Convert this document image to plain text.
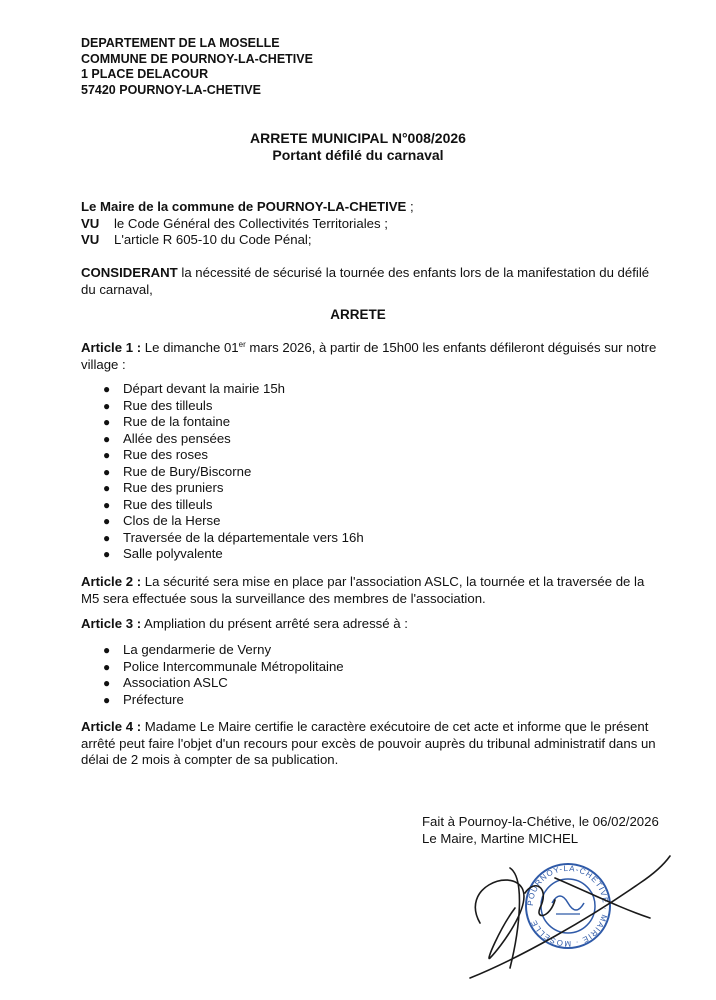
DEPARTEMENT DE LA MOSELLE
COMMUNE DE POURNOY-LA-CHETIVE
1 PLACE DELACOUR
57420 POURNOY-LA-CHETIVE
ARRETE MUNICIPAL N°008/2026
Portant défilé du carnaval
Le Maire de la commune de POURNOY-LA-CHETIVE ;
VU	le Code Général des Collectivités Territoriales ;
VU	L'article R 605-10 du Code Pénal;
CONSIDERANT la nécessité de sécurisé la tournée des enfants lors de la manifestation du défilé du carnaval,
ARRETE
Article 1 : Le dimanche 01er mars 2026, à partir de 15h00 les enfants défileront déguisés sur notre village :
● Départ devant la mairie 15h
● Rue des tilleuls
● Rue de la fontaine
● Allée des pensées
● Rue des roses
● Rue de Bury/Biscorne
● Rue des pruniers
● Rue des tilleuls
● Clos de la Herse
● Traversée de la départementale vers 16h
● Salle polyvalente
Article 2 : La sécurité sera mise en place par l'association ASLC, la tournée et la traversée de la M5 sera effectuée sous la surveillance des membres de l'association.
Article 3 : Ampliation du présent arrêté sera adressé à :
● La gendarmerie de Verny
● Police Intercommunale Métropolitaine
● Association ASLC
● Préfecture
Article 4 : Madame Le Maire certifie le caractère exécutoire de cet acte et informe que le présent arrêté peut faire l'objet d'un recours pour excès de pouvoir auprès du tribunal administratif dans un délai de 2 mois à compter de sa publication.
Fait à Pournoy-la-Chétive, le 06/02/2026
Le Maire, Martine MICHEL
POURNOY-LA-CHETIVE · MAIRIE · MOSELLE
